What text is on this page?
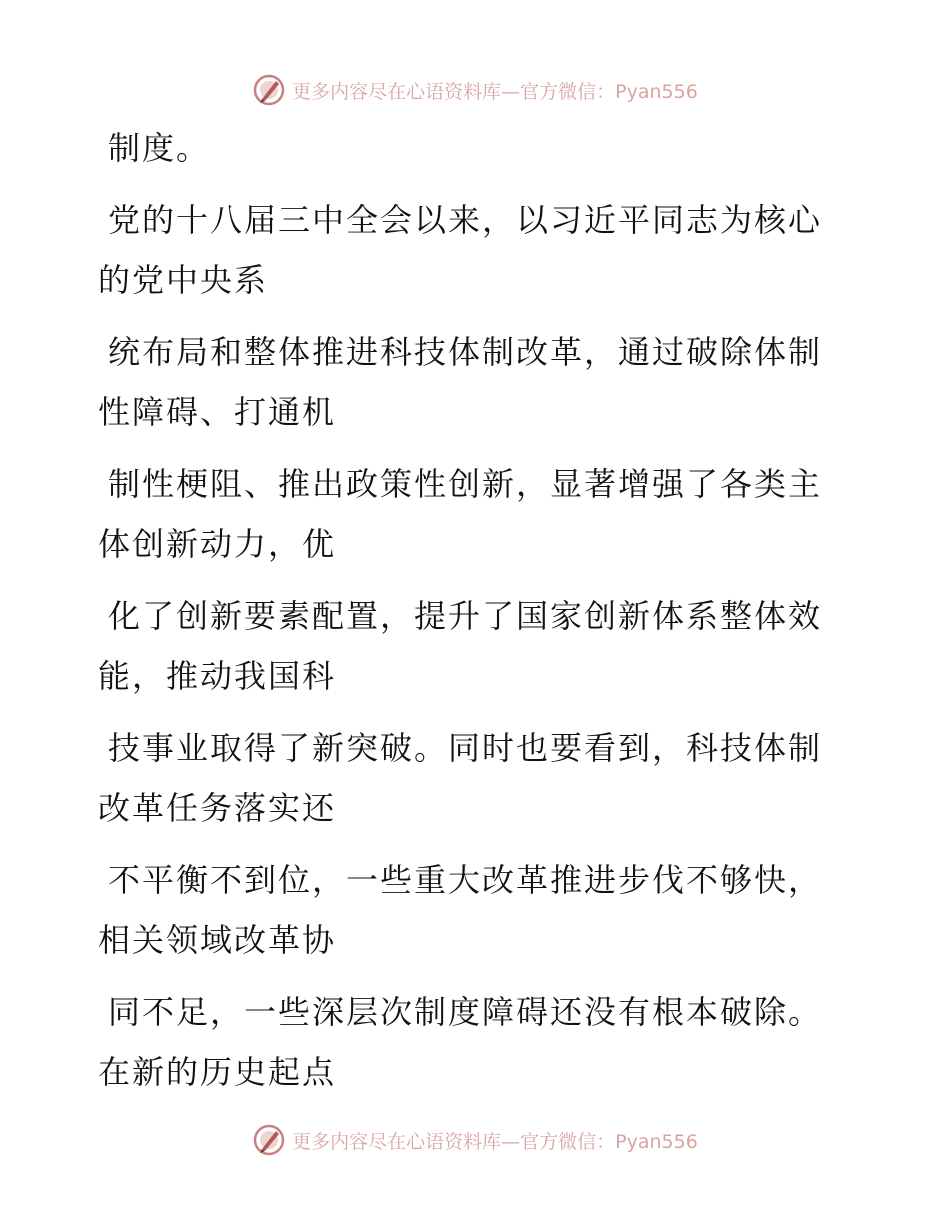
更多内容尽在心语资料库—官方微信：Pyan556

制度。

党的十八届三中全会以来，以习近平同志为核心
的党中央系

统布局和整体推进科技体制改革，通过破除体制
性障碍、打通机

制性梗阻、推出政策性创新，显著增强了各类主
体创新动力，优

化了创新要素配置，提升了国家创新体系整体效
能，推动我国科

技事业取得了新突破。同时也要看到，科技体制
改革任务落实还

不平衡不到位，一些重大改革推进步伐不够快，
相关领域改革协

同不足，一些深层次制度障碍还没有根本破除。
在新的历史起点

更多内容尽在心语资料库—官方微信：Pyan556
